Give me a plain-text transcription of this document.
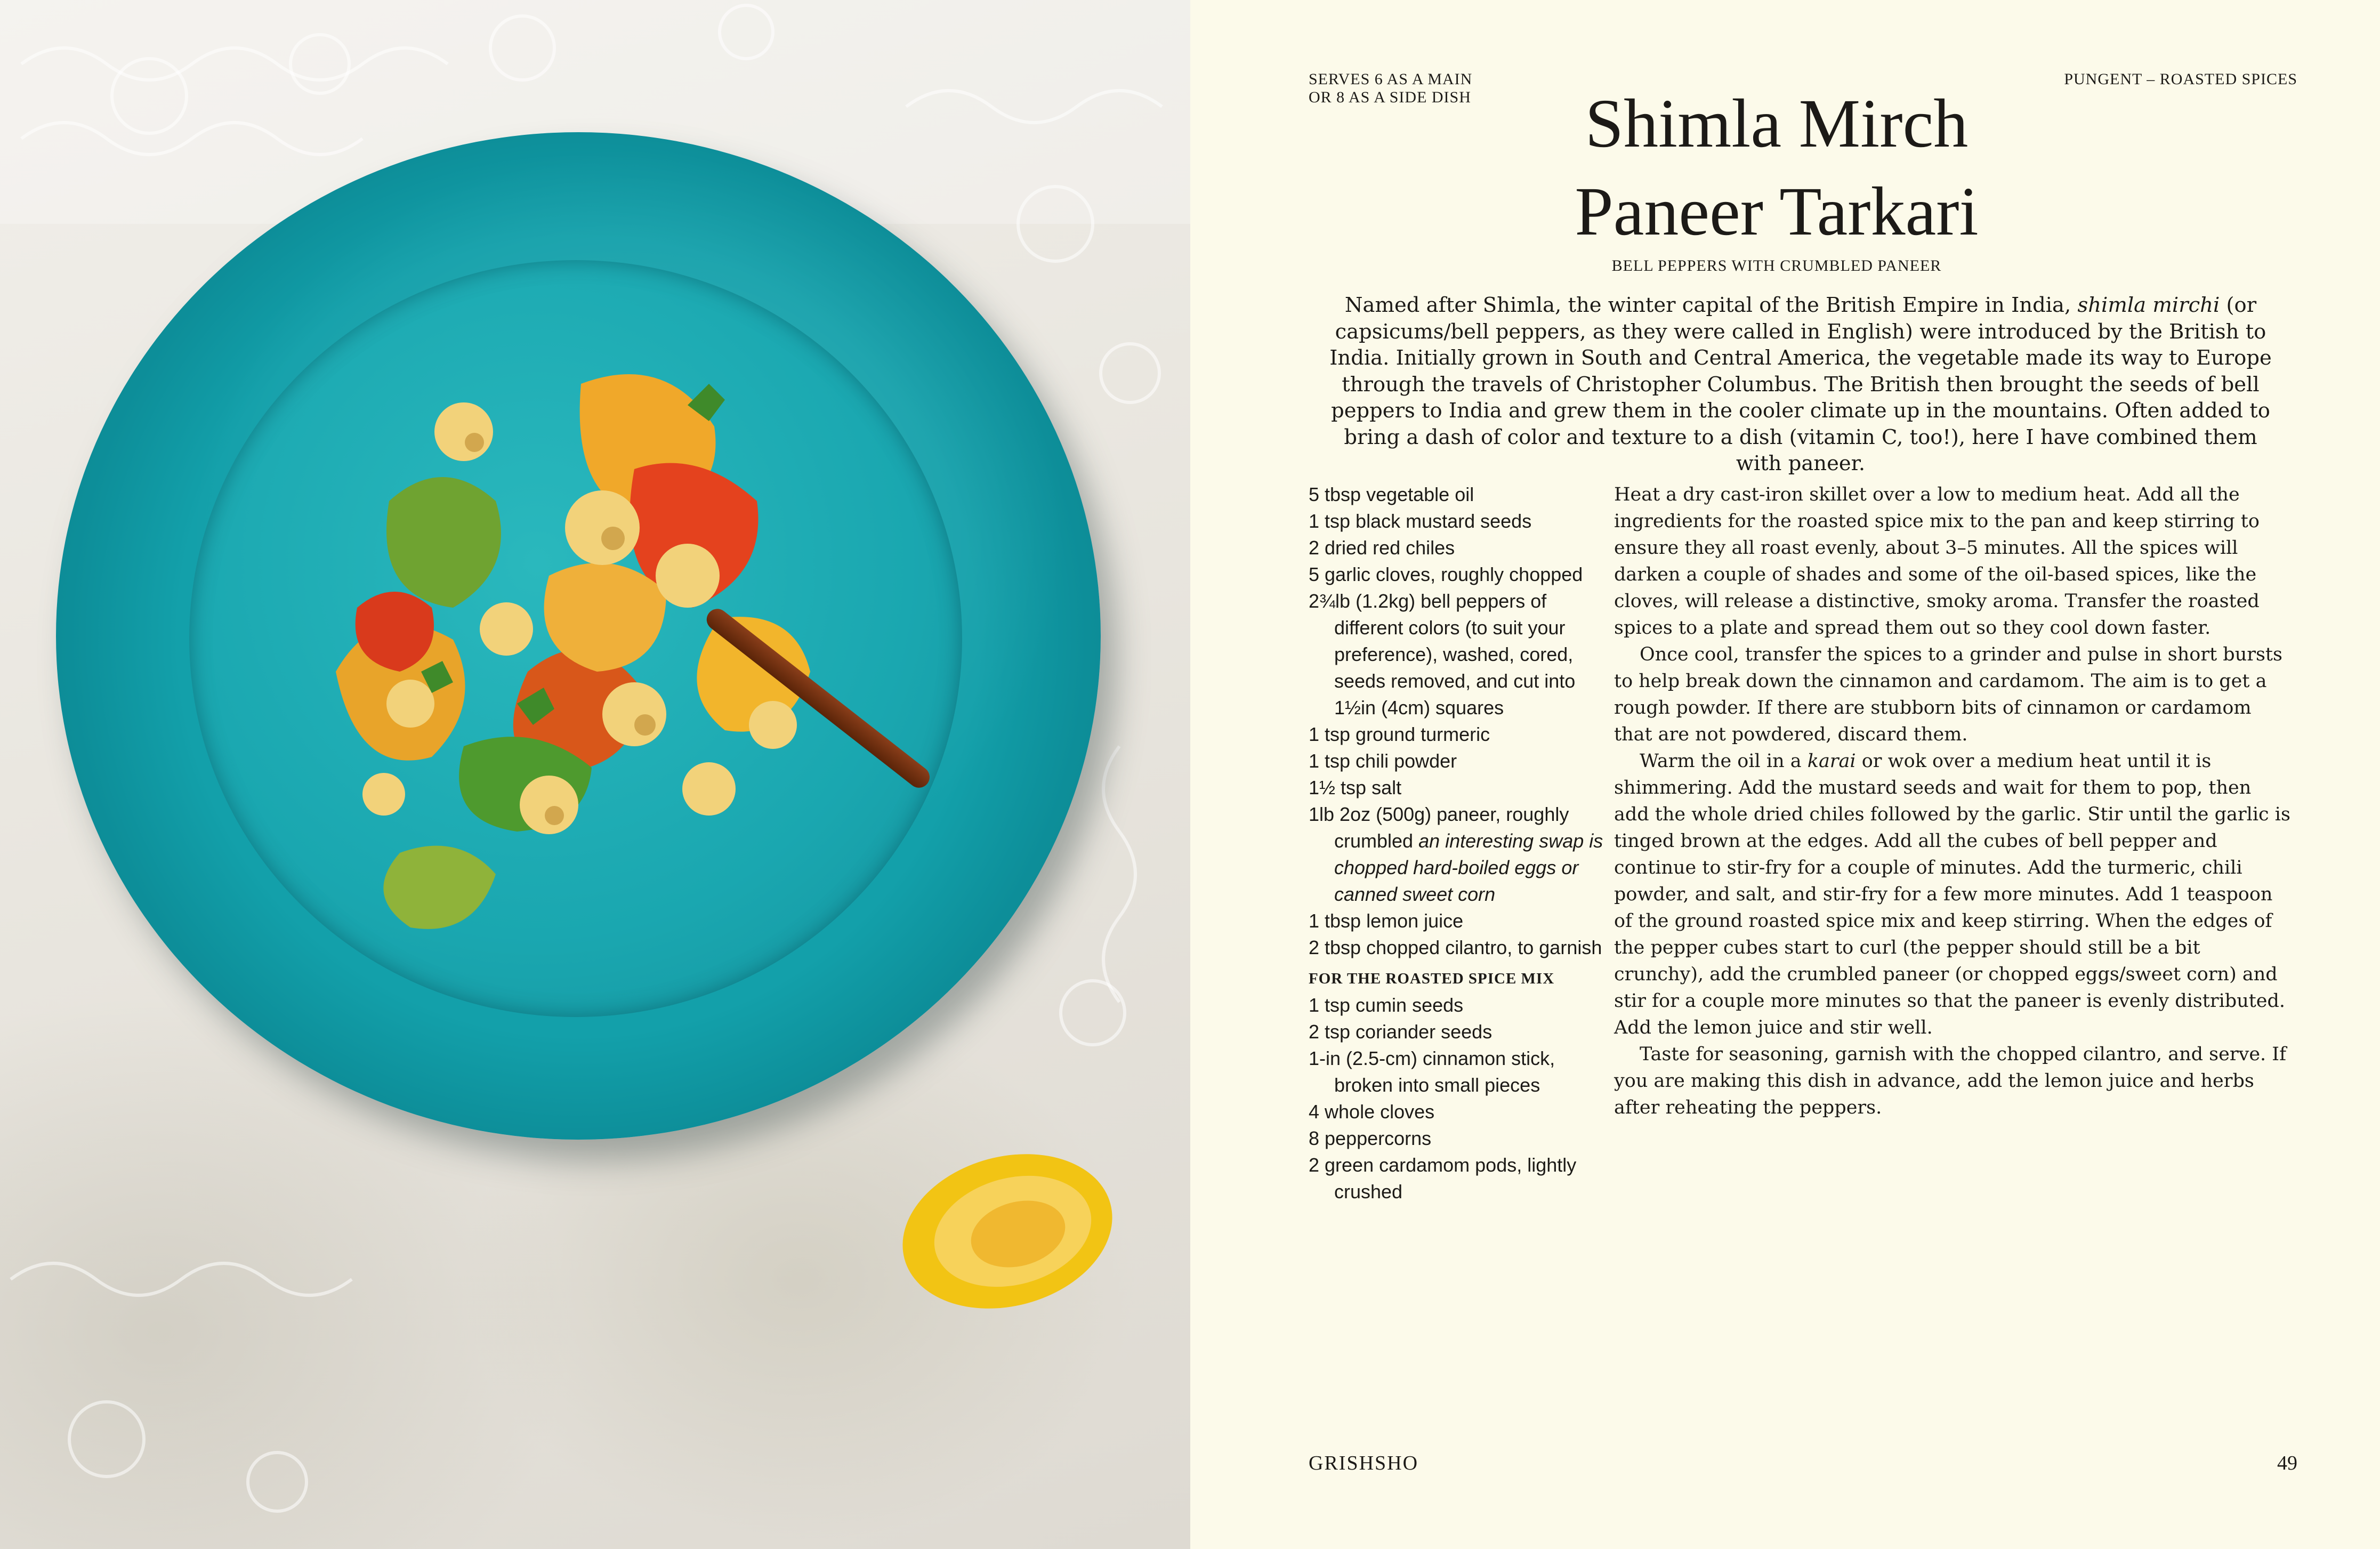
SERVES 6 AS A MAIN
OR 8 AS A SIDE DISH
PUNGENT – ROASTED SPICES
Shimla Mirch
Paneer Tarkari
BELL PEPPERS WITH CRUMBLED PANEER
Named after Shimla, the winter capital of the British Empire in India, shimla mirchi (or capsicums/bell peppers, as they were called in English) were introduced by the British to India. Initially grown in South and Central America, the vegetable made its way to Europe through the travels of Christopher Columbus. The British then brought the seeds of bell peppers to India and grew them in the cooler climate up in the mountains. Often added to bring a dash of color and texture to a dish (vitamin C, too!), here I have combined them with paneer.
5 tbsp vegetable oil
1 tsp black mustard seeds
2 dried red chiles
5 garlic cloves, roughly chopped
2¾lb (1.2kg) bell peppers of different colors (to suit your preference), washed, cored, seeds removed, and cut into 1½in (4cm) squares
1 tsp ground turmeric
1 tsp chili powder
1½ tsp salt
1lb 2oz (500g) paneer, roughly crumbled an interesting swap is chopped hard-boiled eggs or canned sweet corn
1 tbsp lemon juice
2 tbsp chopped cilantro, to garnish
FOR THE ROASTED SPICE MIX
1 tsp cumin seeds
2 tsp coriander seeds
1-in (2.5-cm) cinnamon stick, broken into small pieces
4 whole cloves
8 peppercorns
2 green cardamom pods, lightly crushed
Heat a dry cast-iron skillet over a low to medium heat. Add all the ingredients for the roasted spice mix to the pan and keep stirring to ensure they all roast evenly, about 3–5 minutes. All the spices will darken a couple of shades and some of the oil-based spices, like the cloves, will release a distinctive, smoky aroma. Transfer the roasted spices to a plate and spread them out so they cool down faster.
Once cool, transfer the spices to a grinder and pulse in short bursts to help break down the cinnamon and cardamom. The aim is to get a rough powder. If there are stubborn bits of cinnamon or cardamom that are not powdered, discard them.
Warm the oil in a karai or wok over a medium heat until it is shimmering. Add the mustard seeds and wait for them to pop, then add the whole dried chiles followed by the garlic. Stir until the garlic is tinged brown at the edges. Add all the cubes of bell pepper and continue to stir-fry for a couple of minutes. Add the turmeric, chili powder, and salt, and stir-fry for a few more minutes. Add 1 teaspoon of the ground roasted spice mix and keep stirring. When the edges of the pepper cubes start to curl (the pepper should still be a bit crunchy), add the crumbled paneer (or chopped eggs/sweet corn) and stir for a couple more minutes so that the paneer is evenly distributed. Add the lemon juice and stir well.
Taste for seasoning, garnish with the chopped cilantro, and serve. If you are making this dish in advance, add the lemon juice and herbs after reheating the peppers.
GRISHSHO	49
